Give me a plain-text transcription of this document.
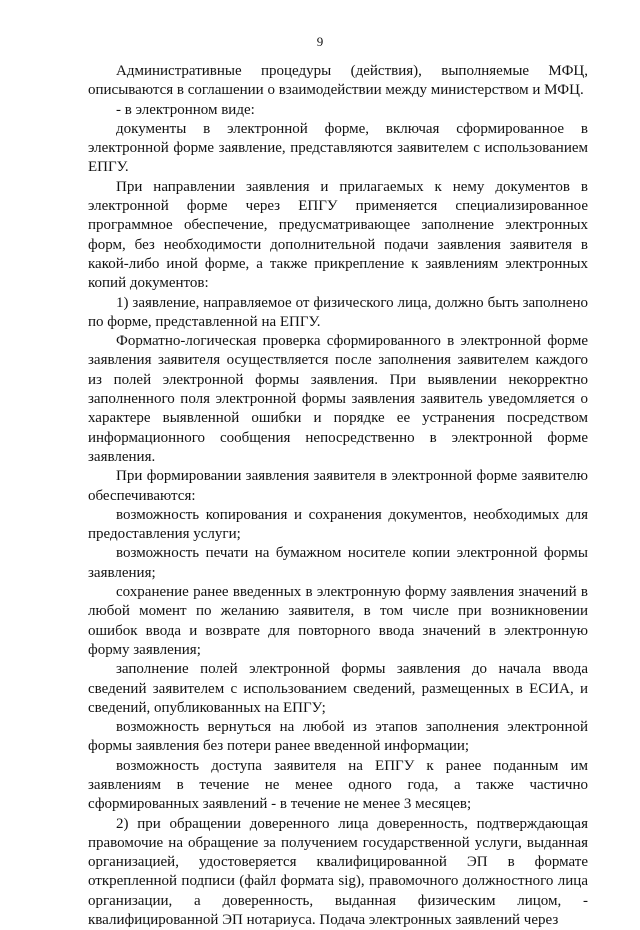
9

Административные процедуры (действия), выполняемые МФЦ, описываются в соглашении о взаимодействии между министерством и МФЦ.

- в электронном виде:

документы в электронной форме, включая сформированное в электронной форме заявление, представляются заявителем с использованием ЕПГУ.

При направлении заявления и прилагаемых к нему документов в электронной форме через ЕПГУ применяется специализированное программное обеспечение, предусматривающее заполнение электронных форм, без необходимости дополнительной подачи заявления заявителя в какой-либо иной форме, а также прикрепление к заявлениям электронных копий документов:

1) заявление, направляемое от физического лица, должно быть заполнено по форме, представленной на ЕПГУ.

Форматно-логическая проверка сформированного в электронной форме заявления заявителя осуществляется после заполнения заявителем каждого из полей электронной формы заявления. При выявлении некорректно заполненного поля электронной формы заявления заявитель уведомляется о характере выявленной ошибки и порядке ее устранения посредством информационного сообщения непосредственно в электронной форме заявления.

При формировании заявления заявителя в электронной форме заявителю обеспечиваются:

возможность копирования и сохранения документов, необходимых для предоставления услуги;

возможность печати на бумажном носителе копии электронной формы заявления;

сохранение ранее введенных в электронную форму заявления значений в любой момент по желанию заявителя, в том числе при возникновении ошибок ввода и возврате для повторного ввода значений в электронную форму заявления;

заполнение полей электронной формы заявления до начала ввода сведений заявителем с использованием сведений, размещенных в ЕСИА, и сведений, опубликованных на ЕПГУ;

возможность вернуться на любой из этапов заполнения электронной формы заявления без потери ранее введенной информации;

возможность доступа заявителя на ЕПГУ к ранее поданным им заявлениям в течение не менее одного года, а также частично сформированных заявлений - в течение не менее 3 месяцев;

2) при обращении доверенного лица доверенность, подтверждающая правомочие на обращение за получением государственной услуги, выданная организацией, удостоверяется квалифицированной ЭП в формате открепленной подписи (файл формата sig), правомочного должностного лица организации, а доверенность, выданная физическим лицом, - квалифицированной ЭП нотариуса. Подача электронных заявлений через
